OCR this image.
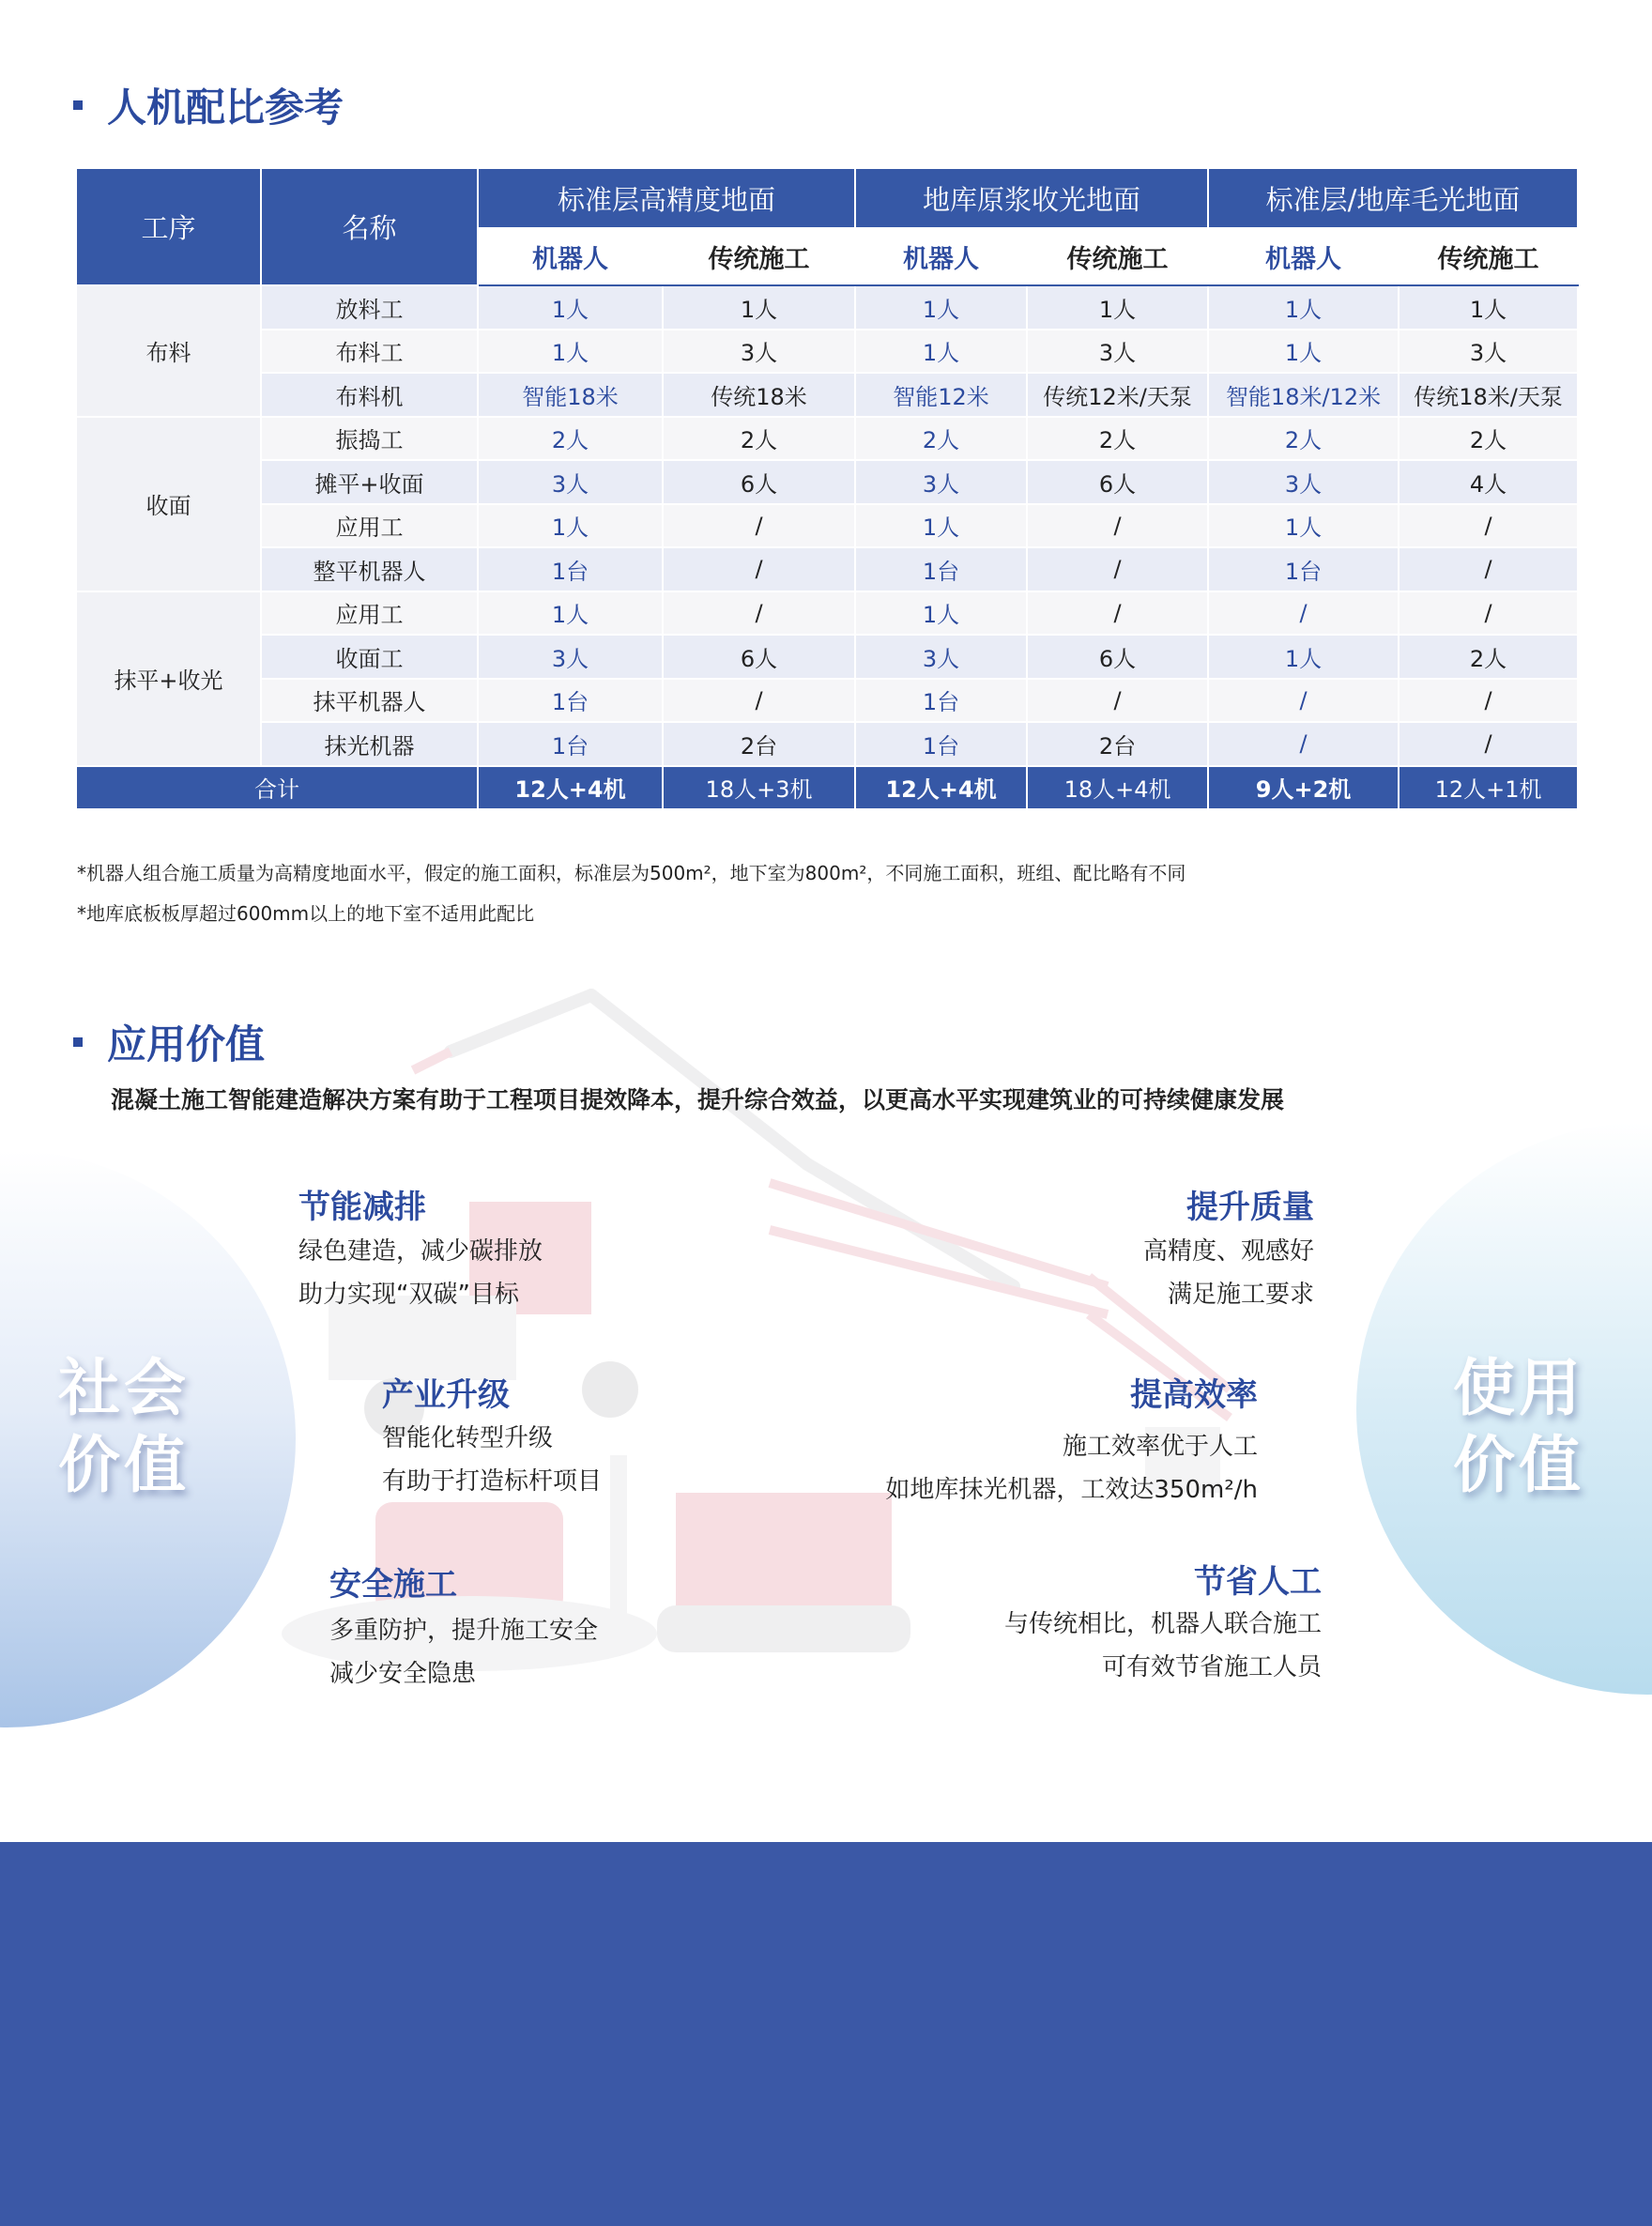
人机配比参考
工序	名称	标准层高精度地面		地库原浆收光地面		标准层/地库毛光地面	
		机器人	传统施工	机器人	传统施工	机器人	传统施工
布料	放料工	1人	1人	1人	1人	1人	1人
	布料工	1人	3人	1人	3人	1人	3人
	布料机	智能18米	传统18米	智能12米	传统12米/天泵	智能18米/12米	传统18米/天泵
收面	振捣工	2人	2人	2人	2人	2人	2人
	摊平+收面	3人	6人	3人	6人	3人	4人
	应用工	1人	/	1人	/	1人	/
	整平机器人	1台	/	1台	/	1台	/
抹平+收光	应用工	1人	/	1人	/	/	/
	收面工	3人	6人	3人	6人	1人	2人
	抹平机器人	1台	/	1台	/	/	/
	抹光机器	1台	2台	1台	2台	/	/
合计		12人+4机	18人+3机	12人+4机	18人+4机	9人+2机	12人+1机
*机器人组合施工质量为高精度地面水平，假定的施工面积，标准层为500m²，地下室为800m²，不同施工面积，班组、配比略有不同
*地库底板板厚超过600mm以上的地下室不适用此配比
应用价值
混凝土施工智能建造解决方案有助于工程项目提效降本，提升综合效益，以更高水平实现建筑业的可持续健康发展
社会
价值
使用
价值
节能减排
绿色建造，减少碳排放
助力实现“双碳”目标
产业升级
智能化转型升级
有助于打造标杆项目
安全施工
多重防护，提升施工安全
减少安全隐患
提升质量
高精度、观感好
满足施工要求
提高效率
施工效率优于人工
如地库抹光机器，工效达350m²/h
节省人工
与传统相比，机器人联合施工
可有效节省施工人员
